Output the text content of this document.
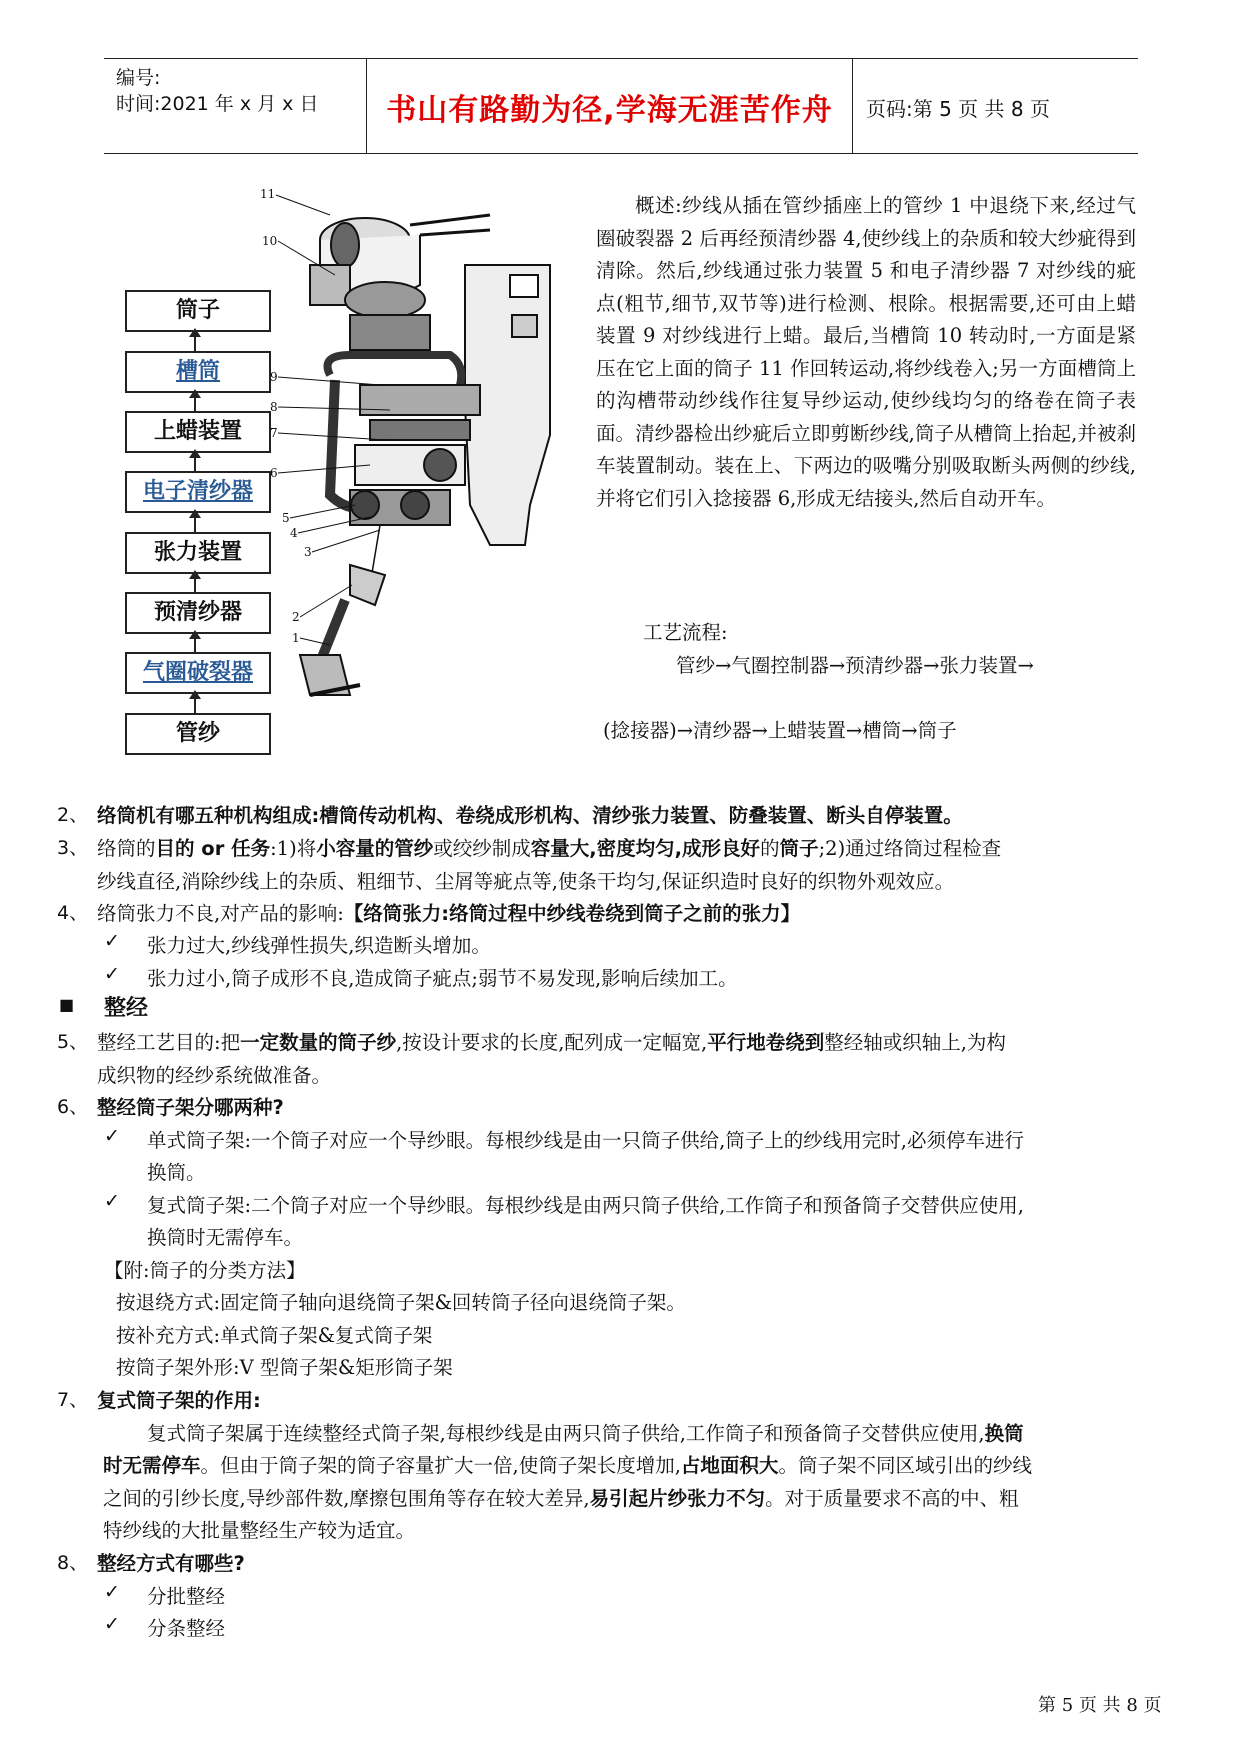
编号:
时间:2021 年 x 月 x 日	书山有路勤为径,学海无涯苦作舟	页码:第 5 页 共 8 页
筒子
槽筒
上蜡装置
电子清纱器
张力装置
预清纱器
气圈破裂器
管纱
11
10
9
8
7
6
5
4
3
2
1
概述:纱线从插在管纱插座上的管纱 1 中退绕下来,经过气圈破裂器 2 后再经预清纱器 4,使纱线上的杂质和较大纱疵得到清除。然后,纱线通过张力装置 5 和电子清纱器 7 对纱线的疵点(粗节,细节,双节等)进行检测、根除。根据需要,还可由上蜡装置 9 对纱线进行上蜡。最后,当槽筒 10 转动时,一方面是紧压在它上面的筒子 11 作回转运动,将纱线卷入;另一方面槽筒上的沟槽带动纱线作往复导纱运动,使纱线均匀的络卷在筒子表面。清纱器检出纱疵后立即剪断纱线,筒子从槽筒上抬起,并被刹车装置制动。装在上、下两边的吸嘴分别吸取断头两侧的纱线,并将它们引入捻接器 6,形成无结接头,然后自动开车。
工艺流程:
管纱→气圈控制器→预清纱器→张力装置→
(捻接器)→清纱器→上蜡装置→槽筒→筒子
2、 络筒机有哪五种机构组成:槽筒传动机构、卷绕成形机构、清纱张力装置、防叠装置、断头自停装置。
3、 络筒的目的 or 任务:1)将小容量的管纱或绞纱制成容量大,密度均匀,成形良好的筒子;2)通过络筒过程检查
纱线直径,消除纱线上的杂质、粗细节、尘屑等疵点等,使条干均匀,保证织造时良好的织物外观效应。
4、 络筒张力不良,对产品的影响:【络筒张力:络筒过程中纱线卷绕到筒子之前的张力】
✓ 张力过大,纱线弹性损失,织造断头增加。
✓ 张力过小,筒子成形不良,造成筒子疵点;弱节不易发现,影响后续加工。
■ 整经
5、 整经工艺目的:把一定数量的筒子纱,按设计要求的长度,配列成一定幅宽,平行地卷绕到整经轴或织轴上,为构
成织物的经纱系统做准备。
6、 整经筒子架分哪两种?
✓ 单式筒子架:一个筒子对应一个导纱眼。每根纱线是由一只筒子供给,筒子上的纱线用完时,必须停车进行
换筒。
✓ 复式筒子架:二个筒子对应一个导纱眼。每根纱线是由两只筒子供给,工作筒子和预备筒子交替供应使用,
换筒时无需停车。
【附:筒子的分类方法】
按退绕方式:固定筒子轴向退绕筒子架&回转筒子径向退绕筒子架。
按补充方式:单式筒子架&复式筒子架
按筒子架外形:V 型筒子架&矩形筒子架
7、 复式筒子架的作用:
复式筒子架属于连续整经式筒子架,每根纱线是由两只筒子供给,工作筒子和预备筒子交替供应使用,换筒
时无需停车。但由于筒子架的筒子容量扩大一倍,使筒子架长度增加,占地面积大。筒子架不同区域引出的纱线
之间的引纱长度,导纱部件数,摩擦包围角等存在较大差异,易引起片纱张力不匀。对于质量要求不高的中、粗
特纱线的大批量整经生产较为适宜。
8、 整经方式有哪些?
✓ 分批整经
✓ 分条整经
第 5 页 共 8 页
